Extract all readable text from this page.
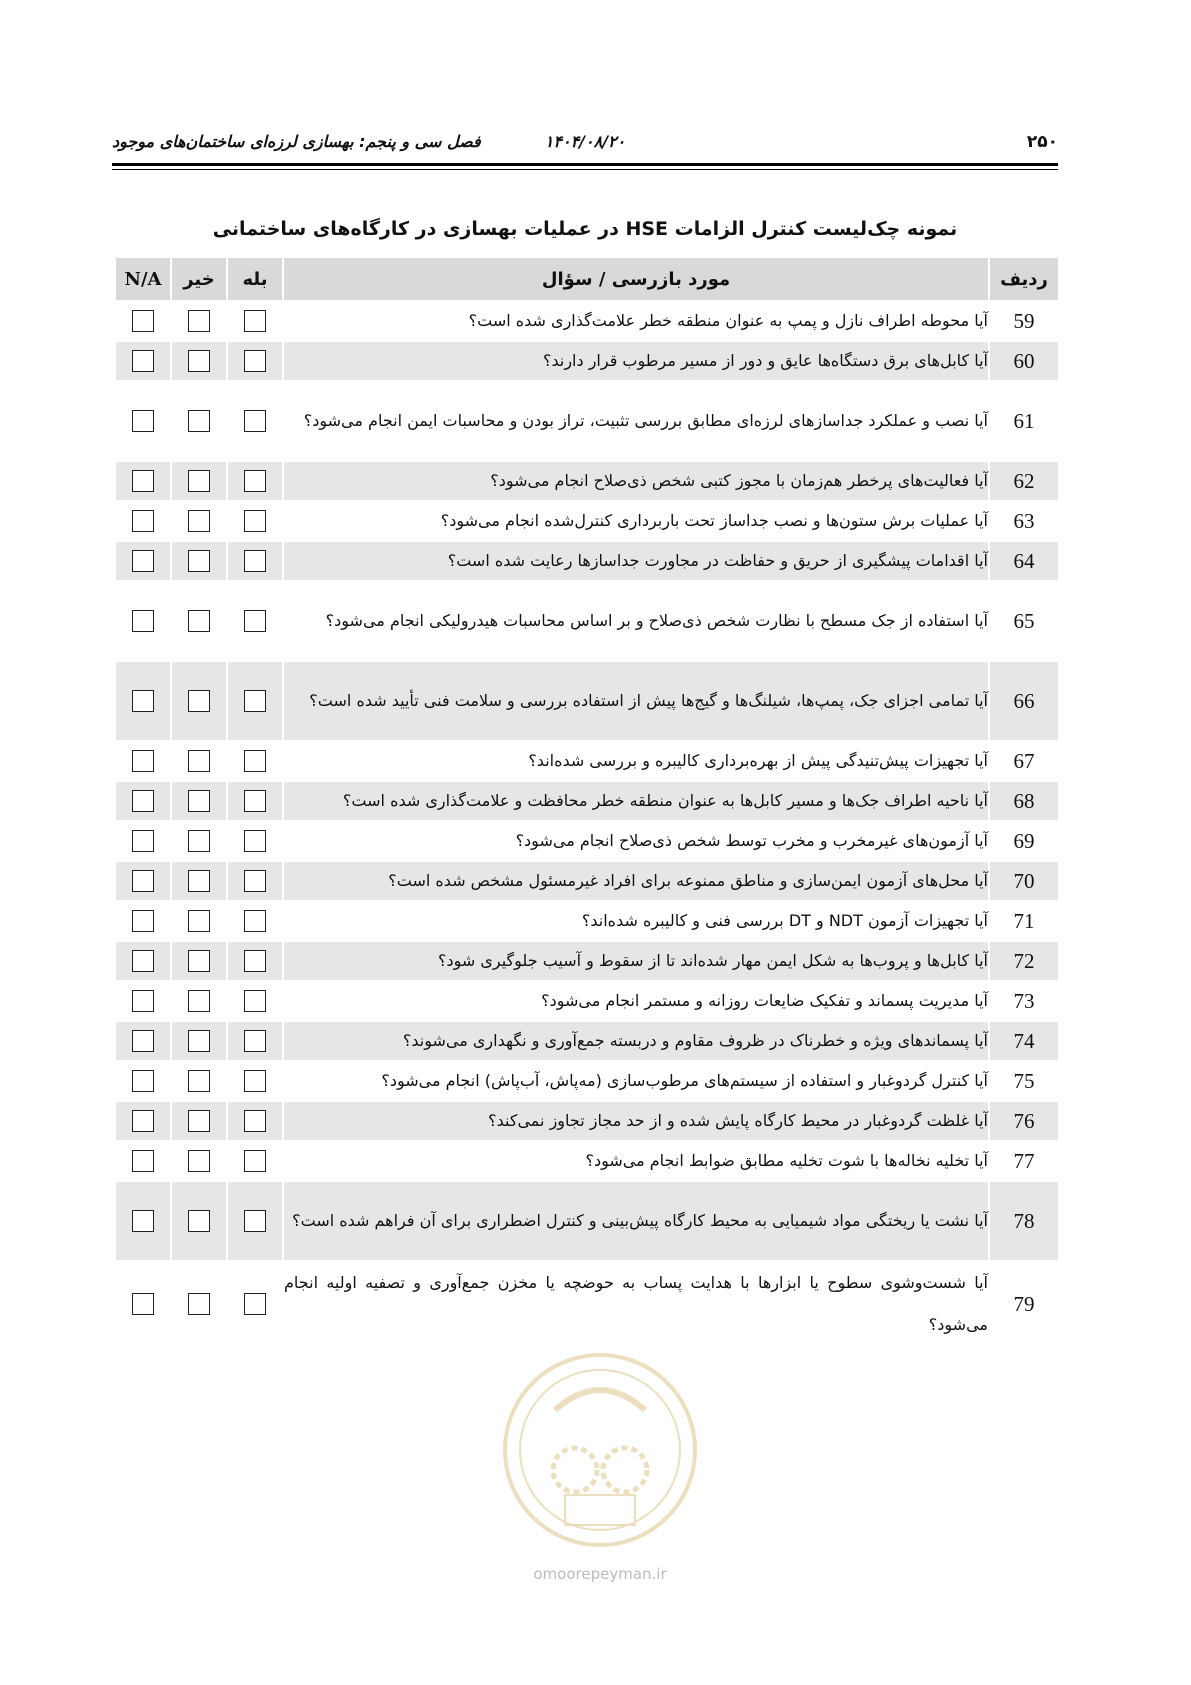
۲۵۰
۱۴۰۴/۰۸/۲۰
فصل سی و پنجم: بهسازی لرزه‌ای ساختمان‌های موجود
نمونه چک‌لیست کنترل الزامات HSE در عملیات بهسازی در کارگاه‌های ساختمانی
ردیف	مورد بازرسی / سؤال	بله	خیر	N/A
59	آیا محوطه اطراف نازل و پمپ به عنوان منطقه خطر علامت‌گذاری شده است؟			
60	آیا کابل‌های برق دستگاه‌ها عایق و دور از مسیر مرطوب قرار دارند؟			
61	آیا نصب و عملکرد جداسازهای لرزه‌ای مطابق بررسی تثبیت، تراز بودن و محاسبات ایمن انجام می‌شود؟			
62	آیا فعالیت‌های پرخطر هم‌زمان با مجوز کتبی شخص ذی‌صلاح انجام می‌شود؟			
63	آیا عملیات برش ستون‌ها و نصب جداساز تحت باربرداری کنترل‌شده انجام می‌شود؟			
64	آیا اقدامات پیشگیری از حریق و حفاظت در مجاورت جداسازها رعایت شده است؟			
65	آیا استفاده از جک مسطح با نظارت شخص ذی‌صلاح و بر اساس محاسبات هیدرولیکی انجام می‌شود؟			
66	آیا تمامی اجزای جک، پمپ‌ها، شیلنگ‌ها و گیج‌ها پیش از استفاده بررسی و سلامت فنی تأیید شده است؟			
67	آیا تجهیزات پیش‌تنیدگی پیش از بهره‌برداری کالیبره و بررسی شده‌اند؟			
68	آیا ناحیه اطراف جک‌ها و مسیر کابل‌ها به عنوان منطقه خطر محافظت و علامت‌گذاری شده است؟			
69	آیا آزمون‌های غیرمخرب و مخرب توسط شخص ذی‌صلاح انجام می‌شود؟			
70	آیا محل‌های آزمون ایمن‌سازی و مناطق ممنوعه برای افراد غیرمسئول مشخص شده است؟			
71	آیا تجهیزات آزمون NDT و DT بررسی فنی و کالیبره شده‌اند؟			
72	آیا کابل‌ها و پروب‌ها به شکل ایمن مهار شده‌اند تا از سقوط و آسیب جلوگیری شود؟			
73	آیا مدیریت پسماند و تفکیک ضایعات روزانه و مستمر انجام می‌شود؟			
74	آیا پسماندهای ویژه و خطرناک در ظروف مقاوم و دربسته جمع‌آوری و نگهداری می‌شوند؟			
75	آیا کنترل گردوغبار و استفاده از سیستم‌های مرطوب‌سازی (مه‌پاش، آب‌پاش) انجام می‌شود؟			
76	آیا غلظت گردوغبار در محیط کارگاه پایش شده و از حد مجاز تجاوز نمی‌کند؟			
77	آیا تخلیه نخاله‌ها با شوت تخلیه مطابق ضوابط انجام می‌شود؟			
78	آیا نشت یا ریختگی مواد شیمیایی به محیط کارگاه پیش‌بینی و کنترل اضطراری برای آن فراهم شده است؟			
79	آیا شست‌وشوی سطوح یا ابزارها با هدایت پساب به حوضچه یا مخزن جمع‌آوری و تصفیه اولیه انجام می‌شود؟			
omoorepeyman.ir
